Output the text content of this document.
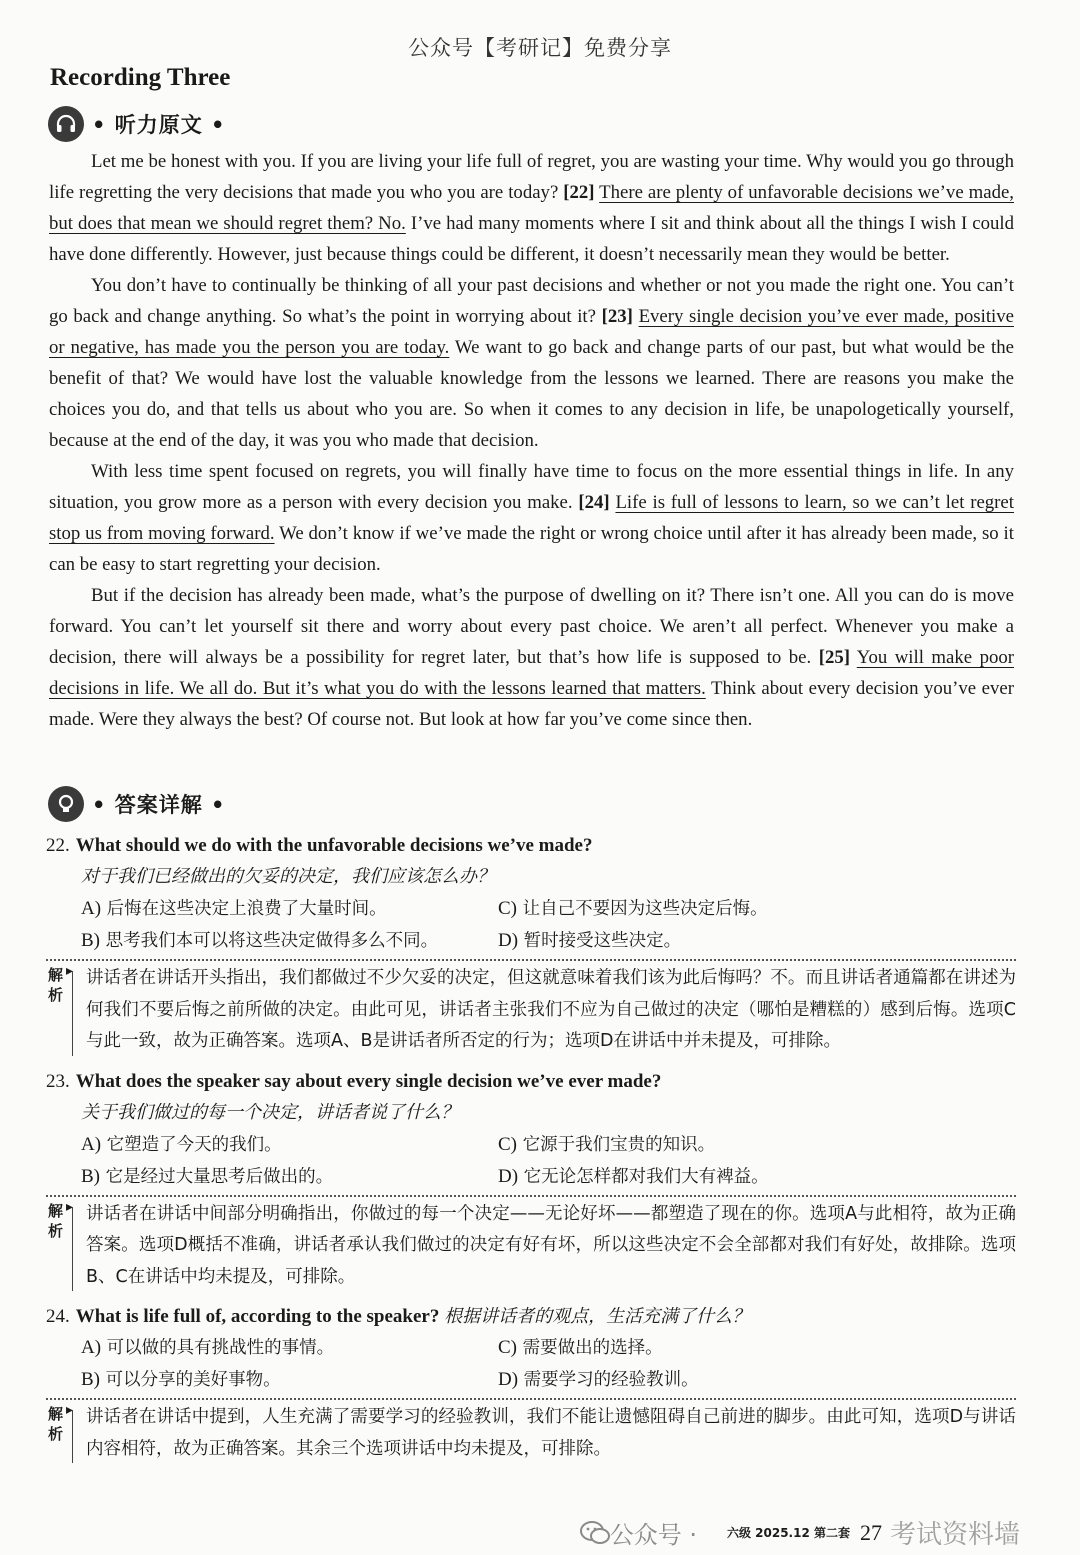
公众号【考研记】免费分享
Recording Three
• 听力原文 •

Let me be honest with you. If you are living your life full of regret, you are wasting your time. Why would you go through life regretting the very decisions that made you who you are today? [22] There are plenty of unfavorable decisions we’ve made, but does that mean we should regret them? No. I’ve had many moments where I sit and think about all the things I wish I could have done differently. However, just because things could be different, it doesn’t necessarily mean they would be better.

You don’t have to continually be thinking of all your past decisions and whether or not you made the right one. You can’t go back and change anything. So what’s the point in worrying about it? [23] Every single decision you’ve ever made, positive or negative, has made you the person you are today. We want to go back and change parts of our past, but what would be the benefit of that? We would have lost the valuable knowledge from the lessons we learned. There are reasons you make the choices you do, and that tells us about who you are. So when it comes to any decision in life, be unapologetically yourself, because at the end of the day, it was you who made that decision.

With less time spent focused on regrets, you will finally have time to focus on the more essential things in life. In any situation, you grow more as a person with every decision you make. [24] Life is full of lessons to learn, so we can’t let regret stop us from moving forward. We don’t know if we’ve made the right or wrong choice until after it has already been made, so it can be easy to start regretting your decision.

But if the decision has already been made, what’s the purpose of dwelling on it? There isn’t one. All you can do is move forward. You can’t let yourself sit there and worry about every past choice. We aren’t all perfect. Whenever you make a decision, there will always be a possibility for regret later, but that’s how life is supposed to be. [25] You will make poor decisions in life. We all do. But it’s what you do with the lessons learned that matters. Think about every decision you’ve ever made. Were they always the best? Of course not. But look at how far you’ve come since then.

• 答案详解 •

22. What should we do with the unfavorable decisions we’ve made?

对于我们已经做出的欠妥的决定，我们应该怎么办？
A) 后悔在这些决定上浪费了大量时间。	C) 让自己不要因为这些决定后悔。
B) 思考我们本可以将这些决定做得多么不同。	D) 暂时接受这些决定。
解析
▸ 讲话者在讲话开头指出，我们都做过不少欠妥的决定，但这就意味着我们该为此后悔吗？不。而且讲话者通篇都在讲述为何我们不要后悔之前所做的决定。由此可见，讲话者主张我们不应为自己做过的决定（哪怕是糟糕的）感到后悔。选项C与此一致，故为正确答案。选项A、B是讲话者所否定的行为；选项D在讲话中并未提及，可排除。

23. What does the speaker say about every single decision we’ve ever made?

关于我们做过的每一个决定，讲话者说了什么？
A) 它塑造了今天的我们。	C) 它源于我们宝贵的知识。
B) 它是经过大量思考后做出的。	D) 它无论怎样都对我们大有裨益。
解析
▸ 讲话者在讲话中间部分明确指出，你做过的每一个决定——无论好坏——都塑造了现在的你。选项A与此相符，故为正确答案。选项D概括不准确，讲话者承认我们做过的决定有好有坏，所以这些决定不会全部都对我们有好处，故排除。选项B、C在讲话中均未提及，可排除。

24. What is life full of, according to the speaker? 根据讲话者的观点，生活充满了什么？

A) 可以做的具有挑战性的事情。	C) 需要做出的选择。
B) 可以分享的美好事物。	D) 需要学习的经验教训。
解析
▸ 讲话者在讲话中提到，人生充满了需要学习的经验教训，我们不能让遗憾阻碍自己前进的脚步。由此可知，选项D与讲话内容相符，故为正确答案。其余三个选项讲话中均未提及，可排除。
公众号 ·	六级 2025.12 第二套 27 考试资料墙
